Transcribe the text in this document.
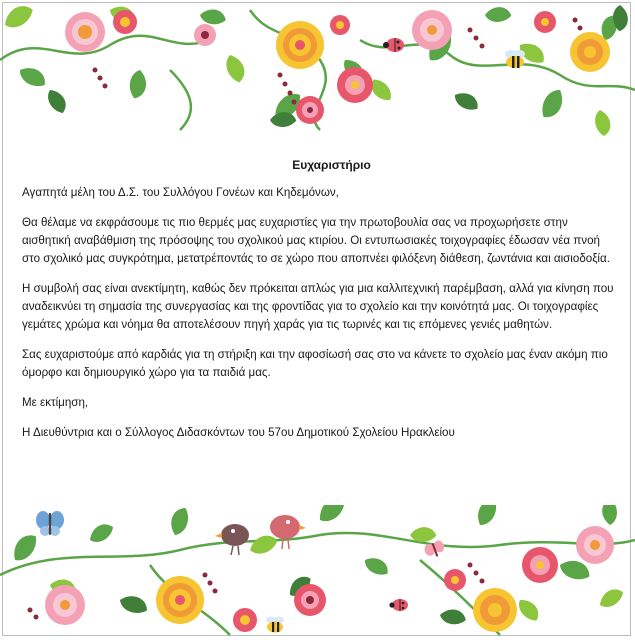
Ευχαριστήριο

Αγαπητά μέλη του Δ.Σ. του Συλλόγου Γονέων και Κηδεμόνων,

Θα θέλαμε να εκφράσουμε τις πιο θερμές μας ευχαριστίες για την πρωτοβουλία σας να προχωρήσετε στην αισθητική αναβάθμιση της πρόσοψης του σχολικού μας κτιρίου. Οι εντυπωσιακές τοιχογραφίες έδωσαν νέα πνοή στο σχολικό μας συγκρότημα, μετατρέποντάς το σε χώρο που αποπνέει φιλόξενη διάθεση, ζωντάνια και αισιοδοξία.

Η συμβολή σας είναι ανεκτίμητη, καθώς δεν πρόκειται απλώς για μια καλλιτεχνική παρέμβαση, αλλά για κίνηση που αναδεικνύει τη σημασία της συνεργασίας και της φροντίδας για το σχολείο και την κοινότητά μας. Οι τοιχογραφίες γεμάτες χρώμα και νόημα θα αποτελέσουν πηγή χαράς για τις τωρινές και τις επόμενες γενιές μαθητών.

Σας ευχαριστούμε από καρδιάς για τη στήριξη και την αφοσίωσή σας στο να κάνετε το σχολείο μας έναν ακόμη πιο όμορφο και δημιουργικό χώρο για τα παιδιά μας.

Με εκτίμηση,

Η Διευθύντρια και ο Σύλλογος Διδασκόντων του 57ου Δημοτικού Σχολείου Ηρακλείου
